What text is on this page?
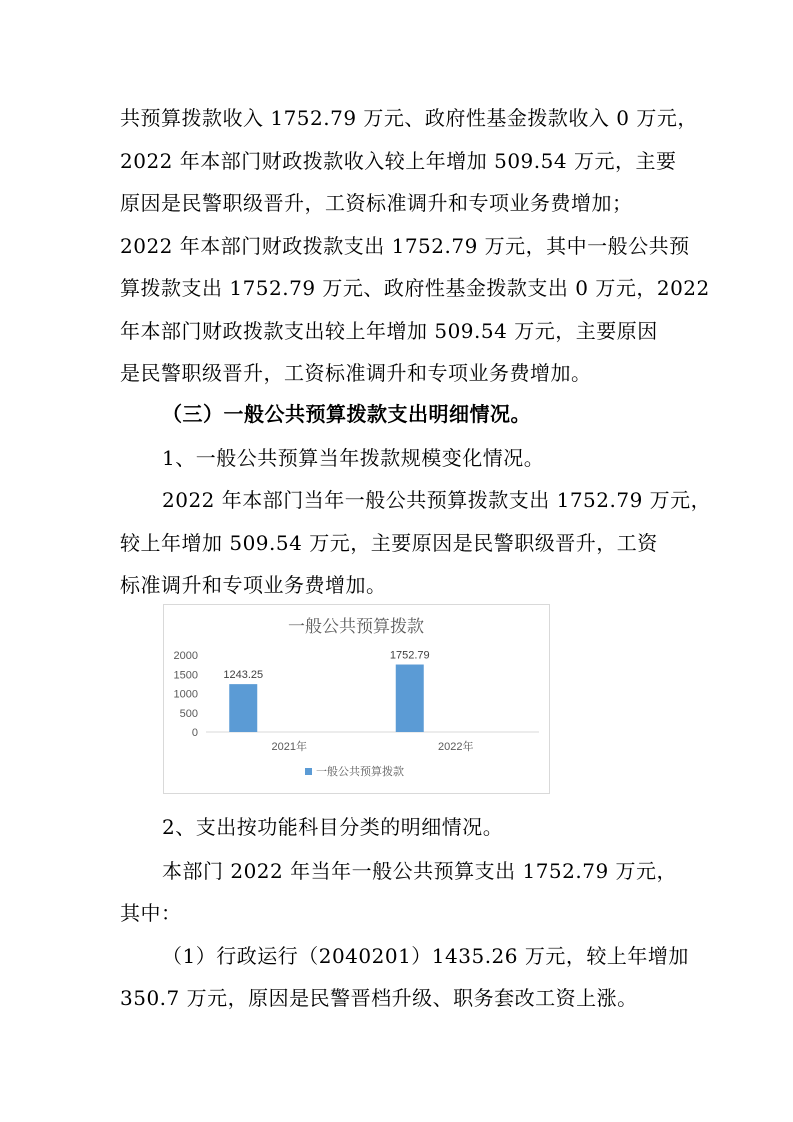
共预算拨款收入 1752.79 万元、政府性基金拨款收入 0 万元，
2022 年本部门财政拨款收入较上年增加 509.54 万元，主要
原因是民警职级晋升，工资标准调升和专项业务费增加；
2022 年本部门财政拨款支出 1752.79 万元，其中一般公共预
算拨款支出 1752.79 万元、政府性基金拨款支出 0 万元，2022
年本部门财政拨款支出较上年增加 509.54 万元，主要原因
是民警职级晋升，工资标准调升和专项业务费增加。
（三）一般公共预算拨款支出明细情况。
1、一般公共预算当年拨款规模变化情况。
2022 年本部门当年一般公共预算拨款支出 1752.79 万元，
较上年增加 509.54 万元，主要原因是民警职级晋升，工资
标准调升和专项业务费增加。
一般公共预算拨款
0
500
1000
1500
2000
1243.25
2021年
1752.79
2022年
一般公共预算拨款
2、支出按功能科目分类的明细情况。
本部门 2022 年当年一般公共预算支出 1752.79 万元，
其中：
（1）行政运行（2040201）1435.26 万元，较上年增加
350.7 万元，原因是民警晋档升级、职务套改工资上涨。
